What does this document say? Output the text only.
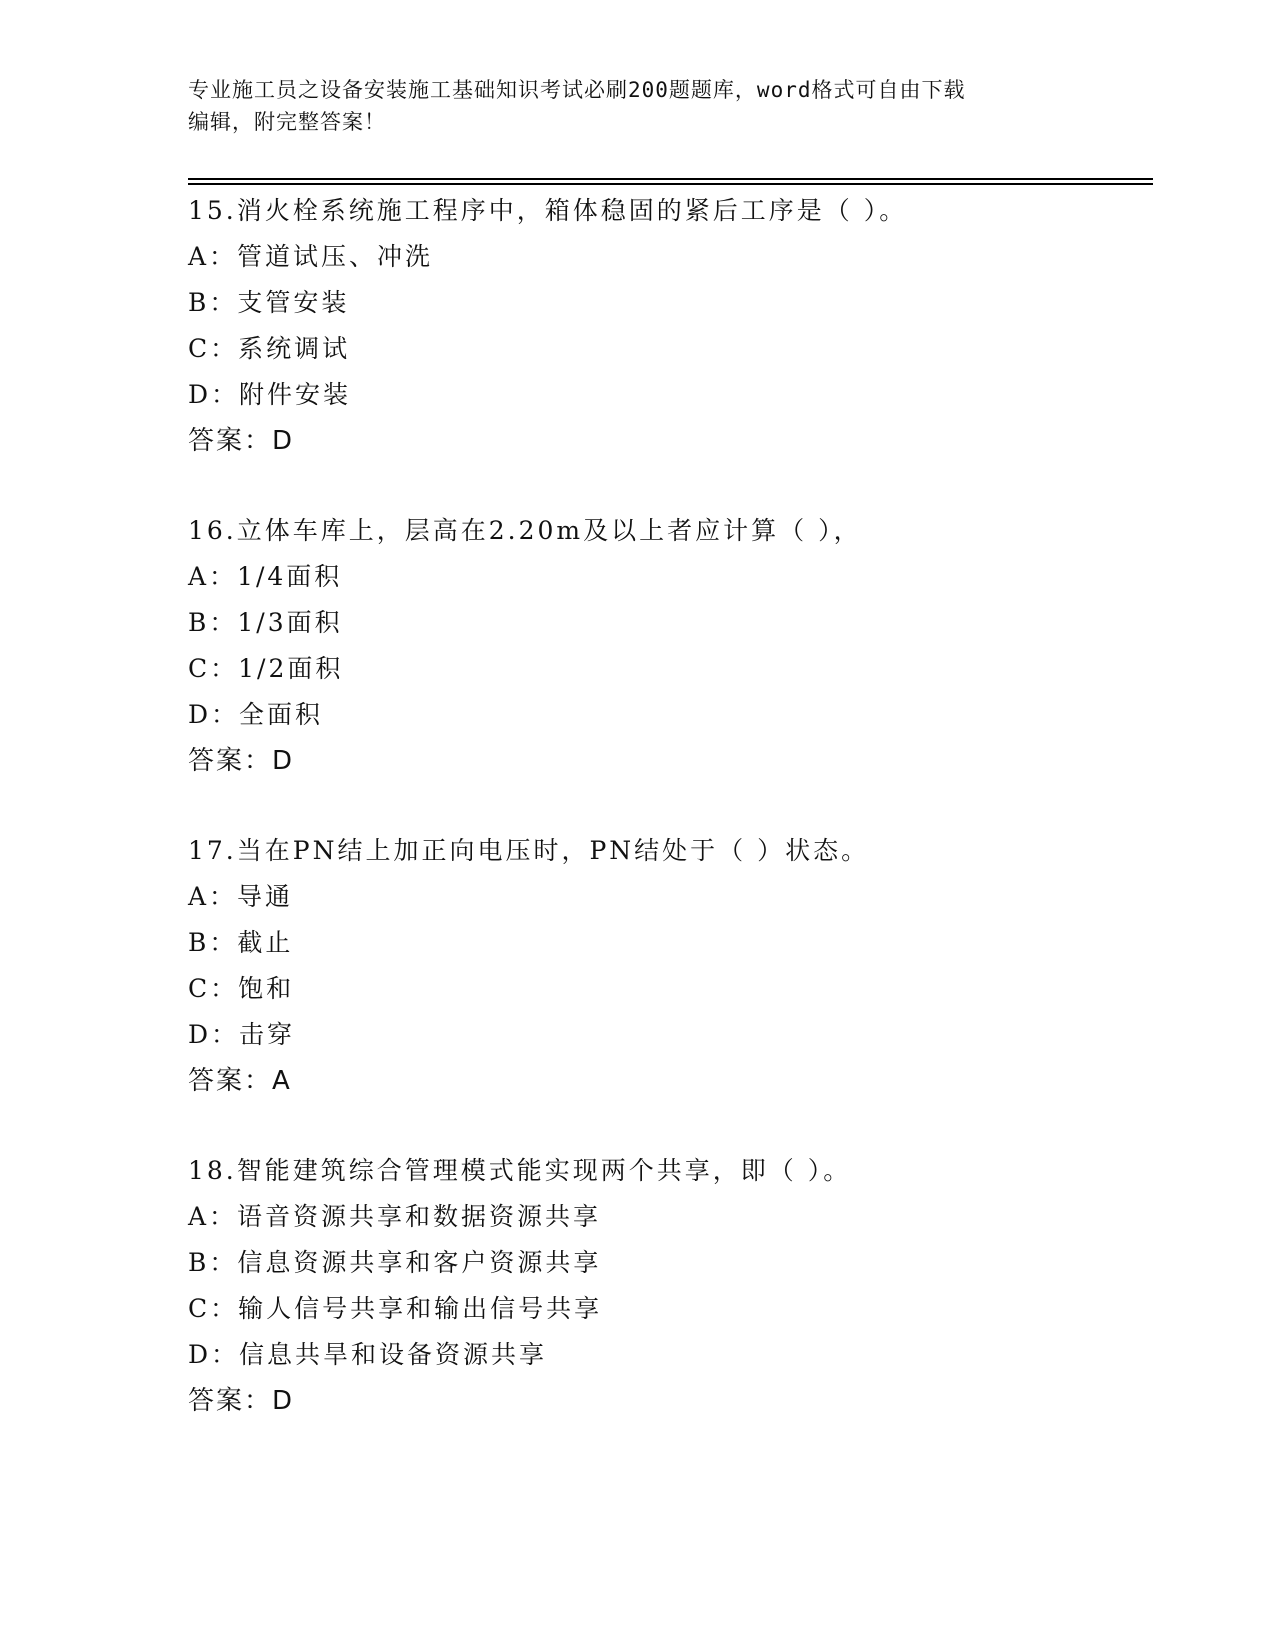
专业施工员之设备安装施工基础知识考试必刷200题题库，word格式可自由下载
编辑，附完整答案！
15.消火栓系统施工程序中，箱体稳固的紧后工序是（ ）。
A：管道试压、冲洗
B：支管安装
C：系统调试
D：附件安装
答案：D
16.立体车库上，层高在2.20m及以上者应计算（ ），
A：1/4面积
B：1/3面积
C：1/2面积
D：全面积
答案：D
17.当在PN结上加正向电压时，PN结处于（ ）状态。
A：导通
B：截止
C：饱和
D：击穿
答案：A
18.智能建筑综合管理模式能实现两个共享，即（ ）。
A：语音资源共享和数据资源共享
B：信息资源共享和客户资源共享
C：输人信号共享和输出信号共享
D：信息共旱和设备资源共享
答案：D
